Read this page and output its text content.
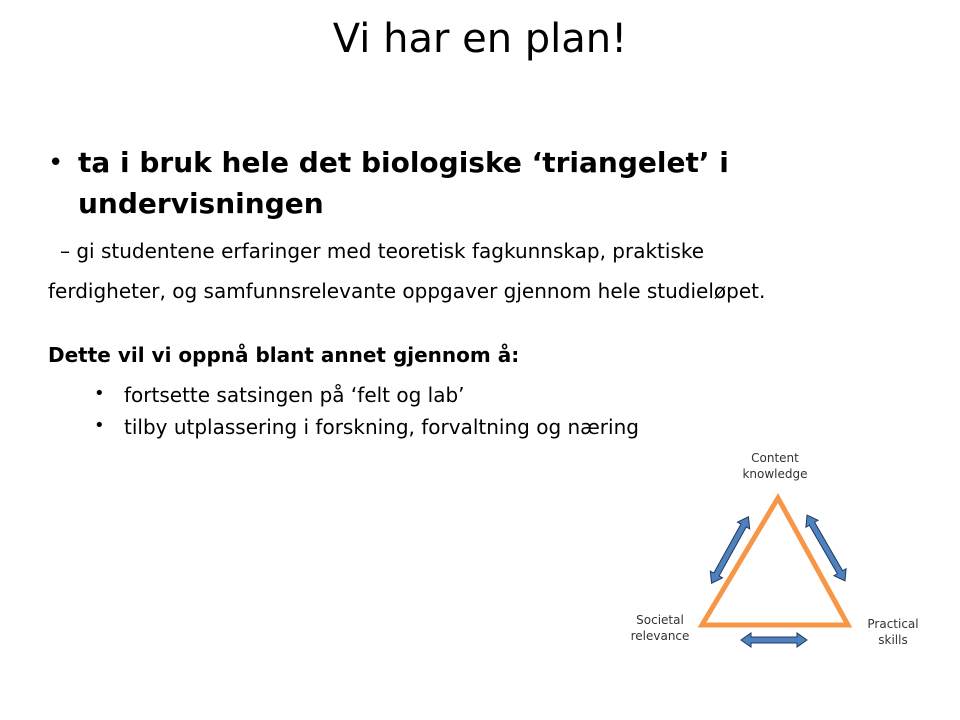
Vi har en plan!
• ta i bruk hele det biologiske ‘triangelet’ i undervisningen
– gi studentene erfaringer med teoretisk fagkunnskap, praktiske
ferdigheter, og samfunnsrelevante oppgaver gjennom hele studieløpet.
Dette vil vi oppnå blant annet gjennom å:
• fortsette satsingen på ‘felt og lab’
• tilby utplassering i forskning, forvaltning og næring
Content
knowledge
Societal
relevance
Practical
skills
